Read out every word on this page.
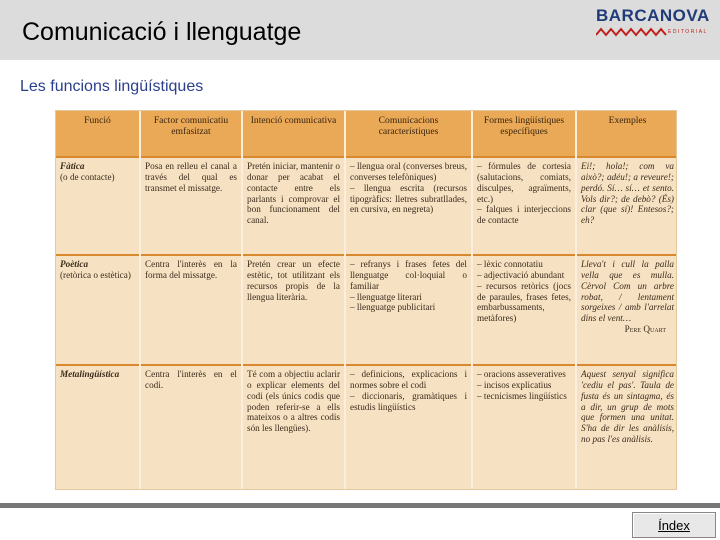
Comunicació i llenguatge
BARCANOVA
EDITORIAL
Les funcions lingüístiques
Funció	Factor comunicatiu emfasitzat	Intenció comunicativa	Comunicacions característiques	Formes lingüístiques específiques	Exemples

Fàtica
(o de contacte)	Posa en relleu el canal a través del qual es transmet el missatge.	Pretén iniciar, mantenir o donar per acabat el contacte entre els parlants i comprovar el bon funcionament del canal.	– llengua oral (converses breus, converses telefòniques)
– llengua escrita (recursos tipogràfics: lletres subratllades, en cursiva, en negreta)	– fórmules de cortesia (salutacions, comiats, disculpes, agraïments, etc.)
– falques i interjeccions de contacte	Ei!; hola!; com va això?; adéu!; a reveure!; perdó. Sí… sí… et sento. Vols dir?; de debò? (És) clar (que sí)! Entesos?; eh?

Poètica
(retòrica o estètica)	Centra l'interès en la forma del missatge.	Pretén crear un efecte estètic, tot utilitzant els recursos propis de la llengua literària.	– refranys i frases fetes del llenguatge col·loquial o familiar
– llenguatge literari
– llenguatge publicitari	– lèxic connotatiu
– adjectivació abundant
– recursos retòrics (jocs de paraules, frases fetes, embarbussaments, metàfores)	Lleva't i cull la palla vella que es mulla. Cèrvol Com un arbre robat, / lentament sorgeixes / amb l'arrelat dins el vent…
Pere Quart

Metalingüística	Centra l'interès en el codi.	Té com a objectiu aclarir o explicar elements del codi (els únics codis que poden referir-se a ells mateixos o a altres codis són les llengües).	– definicions, explicacions i normes sobre el codi
– diccionaris, gramàtiques i estudis lingüístics	– oracions asseveratives
– incisos explicatius
– tecnicismes lingüístics	Aquest senyal significa 'cediu el pas'. Taula de fusta és un sintagma, és a dir, un grup de mots que formen una unitat. S'ha de dir les anàlisis, no pas l'es anàlisis.
Índex
